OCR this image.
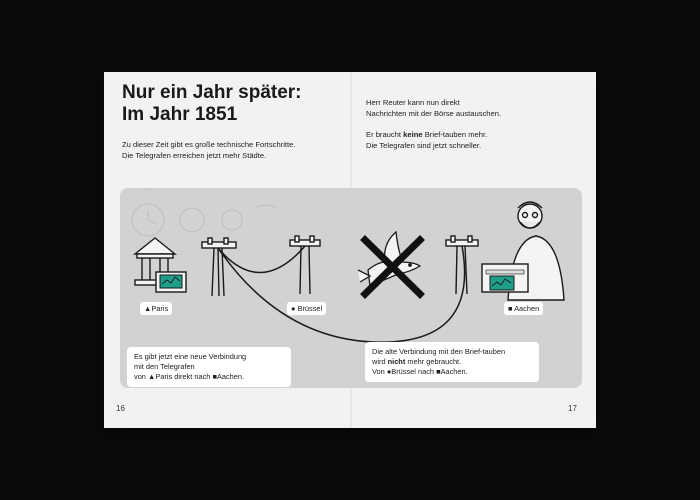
Nur ein Jahr später:
Im Jahr 1851
Zu dieser Zeit gibt es große technische Fortschritte.
Die Telegrafen erreichen jetzt mehr Städte.
Herr Reuter kann nun direkt
Nachrichten mit der Börse austauschen.
Er braucht keine Brief-tauben mehr.
Die Telegrafen sind jetzt schneller.
▲Paris	● Brüssel	■ Aachen
Es gibt jetzt eine neue Verbindung
mit den Telegrafen
von ▲Paris direkt nach ■Aachen.
Die alte Verbindung mit den Brief-tauben
wird nicht mehr gebraucht.
Von ●Brüssel nach ■Aachen.
16	17
